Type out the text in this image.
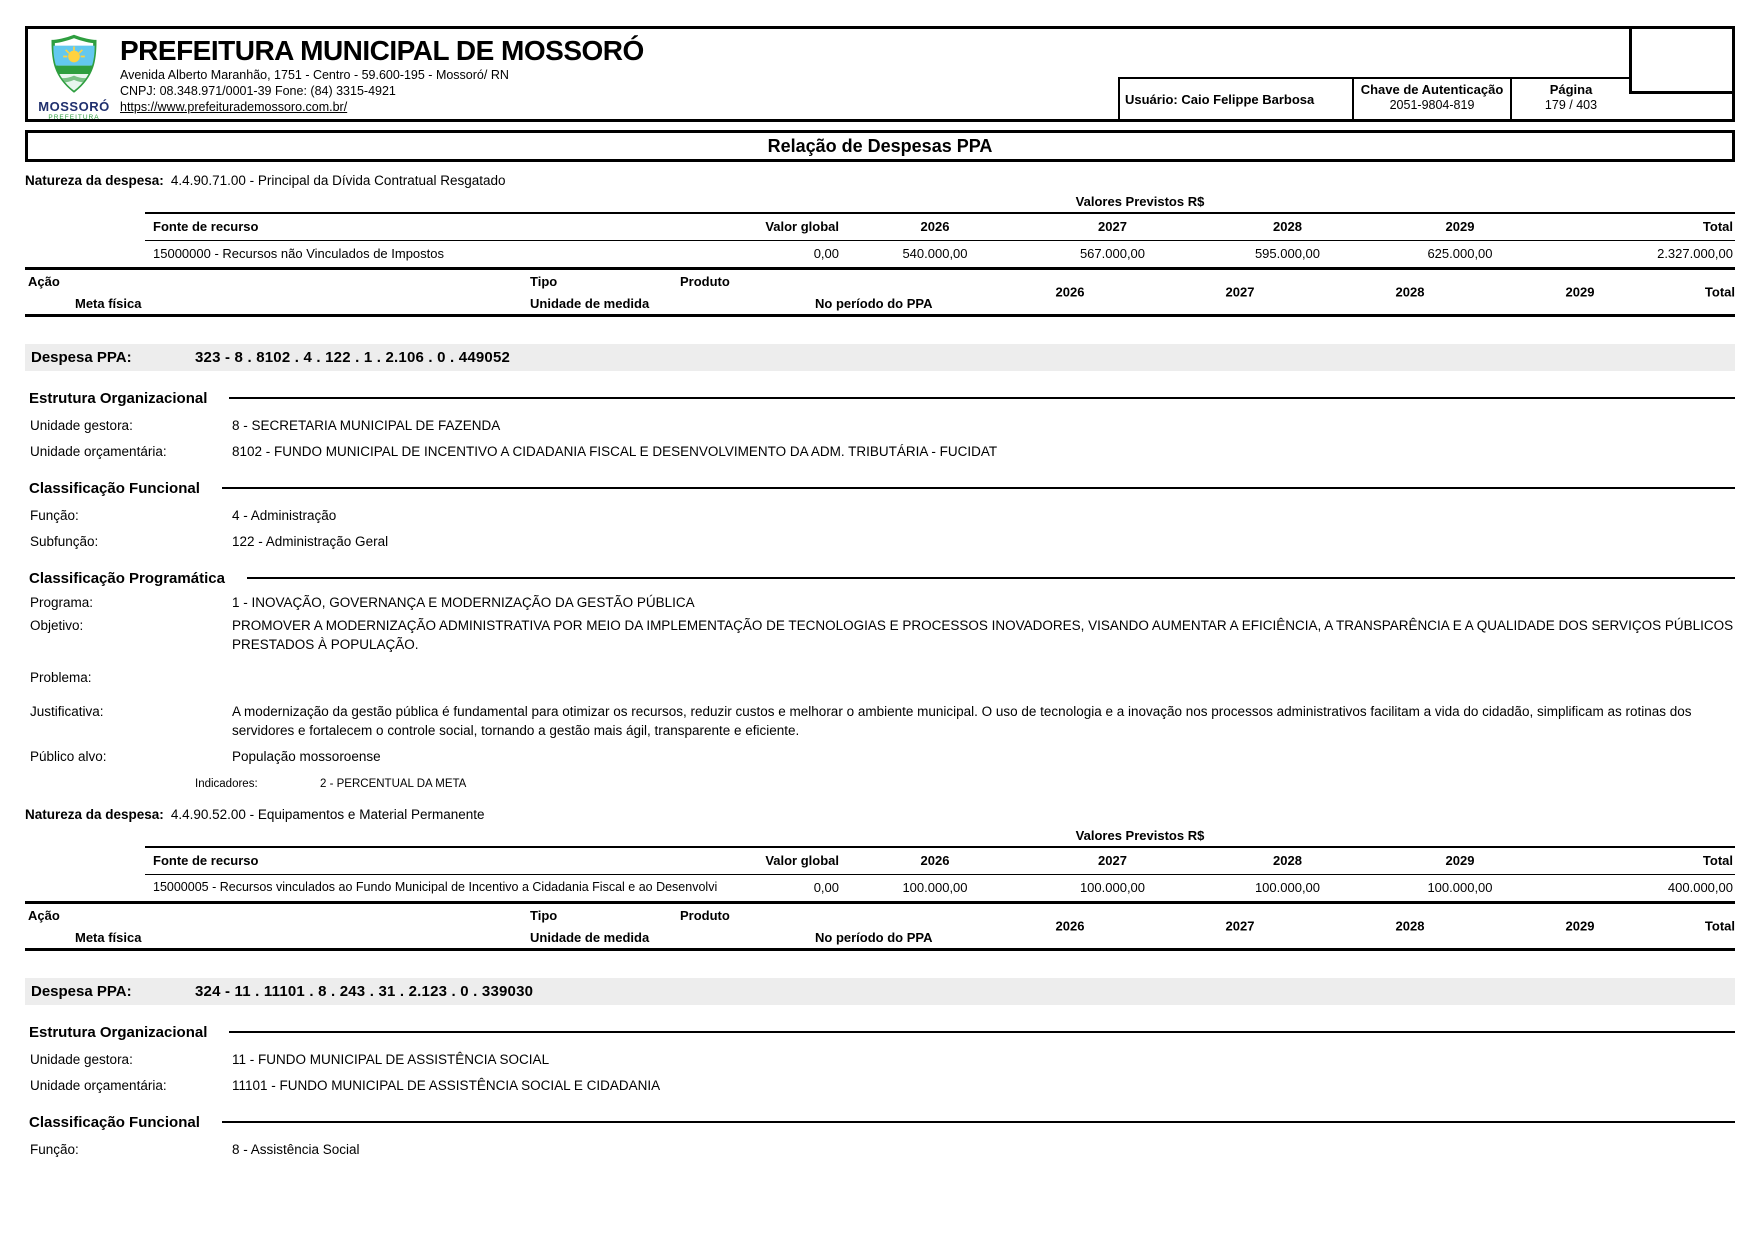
MOSSORÓ
PREFEITURA
PREFEITURA MUNICIPAL DE MOSSORÓ
Avenida Alberto Maranhão, 1751 - Centro - 59.600-195 - Mossoró/ RN
CNPJ: 08.348.971/0001-39 Fone: (84) 3315-4921
https://www.prefeiturademossoro.com.br/
Usuário: Caio Felippe Barbosa
Chave de Autenticação
2051-9804-819
Página
179 / 403
Relação de Despesas PPA
Natureza da despesa: 4.4.90.71.00 - Principal da Dívida Contratual Resgatado
Valores Previstos R$
Fonte de recurso	Valor global	2026	2027	2028	2029	Total
15000000 - Recursos não Vinculados de Impostos	0,00	540.000,00	567.000,00	595.000,00	625.000,00	2.327.000,00
Ação	Tipo	Produto
Meta física	Unidade de medida	No período do PPA
2026	2027	2028	2029	Total
Despesa PPA:	323 - 8 . 8102 . 4 . 122 . 1 . 2.106 . 0 . 449052
Estrutura Organizacional
Unidade gestora:	8 - SECRETARIA MUNICIPAL DE FAZENDA
Unidade orçamentária:	8102 - FUNDO MUNICIPAL DE INCENTIVO A CIDADANIA FISCAL E DESENVOLVIMENTO DA ADM. TRIBUTÁRIA - FUCIDAT
Classificação Funcional
Função:	4 - Administração
Subfunção:	122 - Administração Geral
Classificação Programática
Programa:	1 - INOVAÇÃO, GOVERNANÇA E MODERNIZAÇÃO DA GESTÃO PÚBLICA
Objetivo:	PROMOVER A MODERNIZAÇÃO ADMINISTRATIVA POR MEIO DA IMPLEMENTAÇÃO DE TECNOLOGIAS E PROCESSOS INOVADORES, VISANDO AUMENTAR A EFICIÊNCIA, A TRANSPARÊNCIA E A QUALIDADE DOS SERVIÇOS PÚBLICOS PRESTADOS À POPULAÇÃO.
Problema:
Justificativa:	A modernização da gestão pública é fundamental para otimizar os recursos, reduzir custos e melhorar o ambiente municipal. O uso de tecnologia e a inovação nos processos administrativos facilitam a vida do cidadão, simplificam as rotinas dos servidores e fortalecem o controle social, tornando a gestão mais ágil, transparente e eficiente.
Público alvo:	População mossoroense
Indicadores:	2 - PERCENTUAL DA META
Natureza da despesa: 4.4.90.52.00 - Equipamentos e Material Permanente
Valores Previstos R$
Fonte de recurso	Valor global	2026	2027	2028	2029	Total
15000005 - Recursos vinculados ao Fundo Municipal de Incentivo a Cidadania Fiscal e ao Desenvolvi	0,00	100.000,00	100.000,00	100.000,00	100.000,00	400.000,00
Ação	Tipo	Produto
Meta física	Unidade de medida	No período do PPA
2026	2027	2028	2029	Total
Despesa PPA:	324 - 11 . 11101 . 8 . 243 . 31 . 2.123 . 0 . 339030
Estrutura Organizacional
Unidade gestora:	11 - FUNDO MUNICIPAL DE ASSISTÊNCIA SOCIAL
Unidade orçamentária:	11101 - FUNDO MUNICIPAL DE ASSISTÊNCIA SOCIAL E CIDADANIA
Classificação Funcional
Função:	8 - Assistência Social
